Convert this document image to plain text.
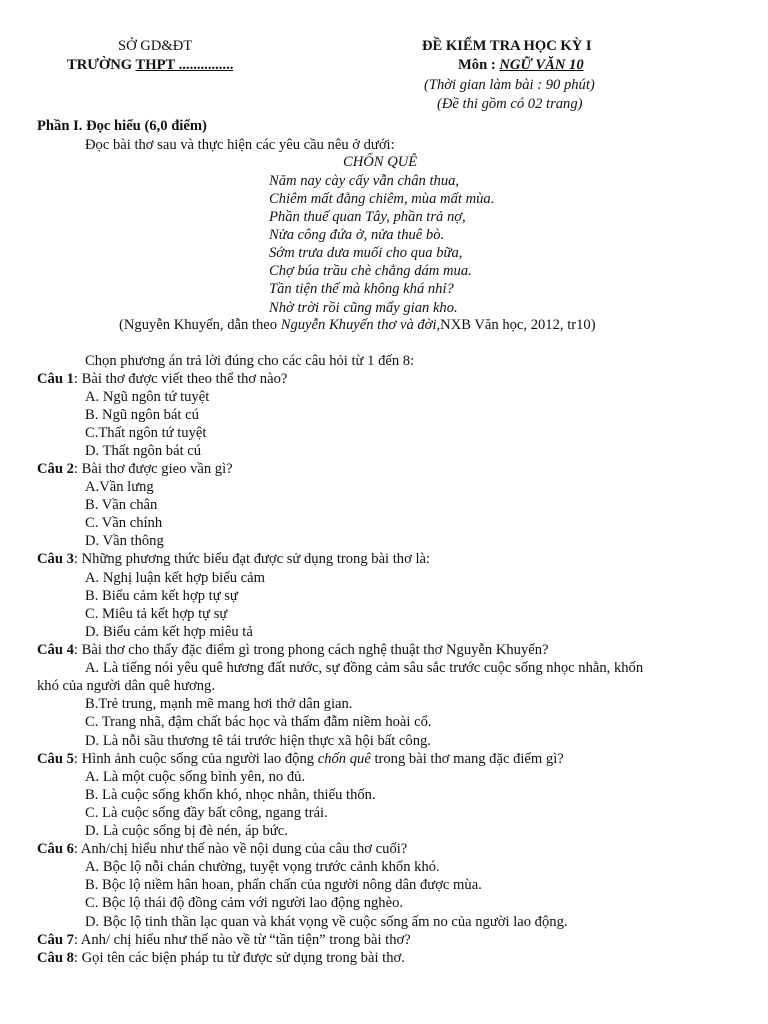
SỞ GD&ĐT
TRƯỜNG THPT ...............
ĐỀ KIỂM TRA HỌC KỲ I
Môn : NGỮ VĂN 10
(Thời gian làm bài : 90 phút)
(Đề thi gồm có 02 trang)
Phần I. Đọc hiểu (6,0 điểm)
Đọc bài thơ sau và thực hiện các yêu cầu nêu ở dưới:
CHỐN QUÊ
Năm nay cày cấy vẫn chân thua,
Chiêm mất đằng chiêm, mùa mất mùa.
Phần thuế quan Tây, phần trả nợ,
Nửa công đứa ở, nửa thuê bò.
Sớm trưa dưa muối cho qua bữa,
Chợ búa trầu chè chẳng dám mua.
Tần tiện thế mà không khá nhỉ?
Nhờ trời rồi cũng mấy gian kho.
(Nguyễn Khuyến, dẫn theo Nguyễn Khuyến thơ và đời,NXB Văn học, 2012, tr10)
Chọn phương án trả lời đúng cho các câu hỏi từ 1 đến 8:
Câu 1: Bài thơ được viết theo thể thơ nào?
A. Ngũ ngôn tứ tuyệt
B. Ngũ ngôn bát cú
C.Thất ngôn tứ tuyệt
D. Thất ngôn bát cú
Câu 2: Bài thơ được gieo vần gì?
A.Vần lưng
B. Vần chân
C. Vần chính
D. Vần thông
Câu 3: Những phương thức biểu đạt được sử dụng trong bài thơ là:
A. Nghị luận kết hợp biểu cảm
B. Biểu cảm kết hợp tự sự
C. Miêu tả kết hợp tự sự
D. Biểu cảm kết hợp miêu tả
Câu 4: Bài thơ cho thấy đặc điểm gì trong phong cách nghệ thuật thơ Nguyễn Khuyến?
A. Là tiếng nói yêu quê hương đất nước, sự đồng cảm sâu sắc trước cuộc sống nhọc nhằn, khốn
khó của người dân quê hương.
B.Trẻ trung, mạnh mẽ mang hơi thở dân gian.
C. Trang nhã, đậm chất bác học và thấm đẫm niềm hoài cổ.
D. Là nỗi sầu thương tê tái trước hiện thực xã hội bất công.
Câu 5: Hình ảnh cuộc sống của người lao động chốn quê trong bài thơ mang đặc điểm gì?
A. Là một cuộc sống bình yên, no đủ.
B. Là cuộc sống khốn khó, nhọc nhằn, thiếu thốn.
C. Là cuộc sống đầy bất công, ngang trái.
D. Là cuộc sống bị đè nén, áp bức.
Câu 6: Anh/chị hiểu như thế nào về nội dung của câu thơ cuối?
A. Bộc lộ nỗi chán chường, tuyệt vọng trước cảnh khốn khó.
B. Bộc lộ niềm hân hoan, phấn chấn của người nông dân được mùa.
C. Bộc lộ thái độ đồng cảm với người lao động nghèo.
D. Bộc lộ tinh thần lạc quan và khát vọng về cuộc sống ấm no của người lao động.
Câu 7: Anh/ chị hiểu như thế nào về từ “tần tiện” trong bài thơ?
Câu 8: Gọi tên các biện pháp tu từ được sử dụng trong bài thơ.
